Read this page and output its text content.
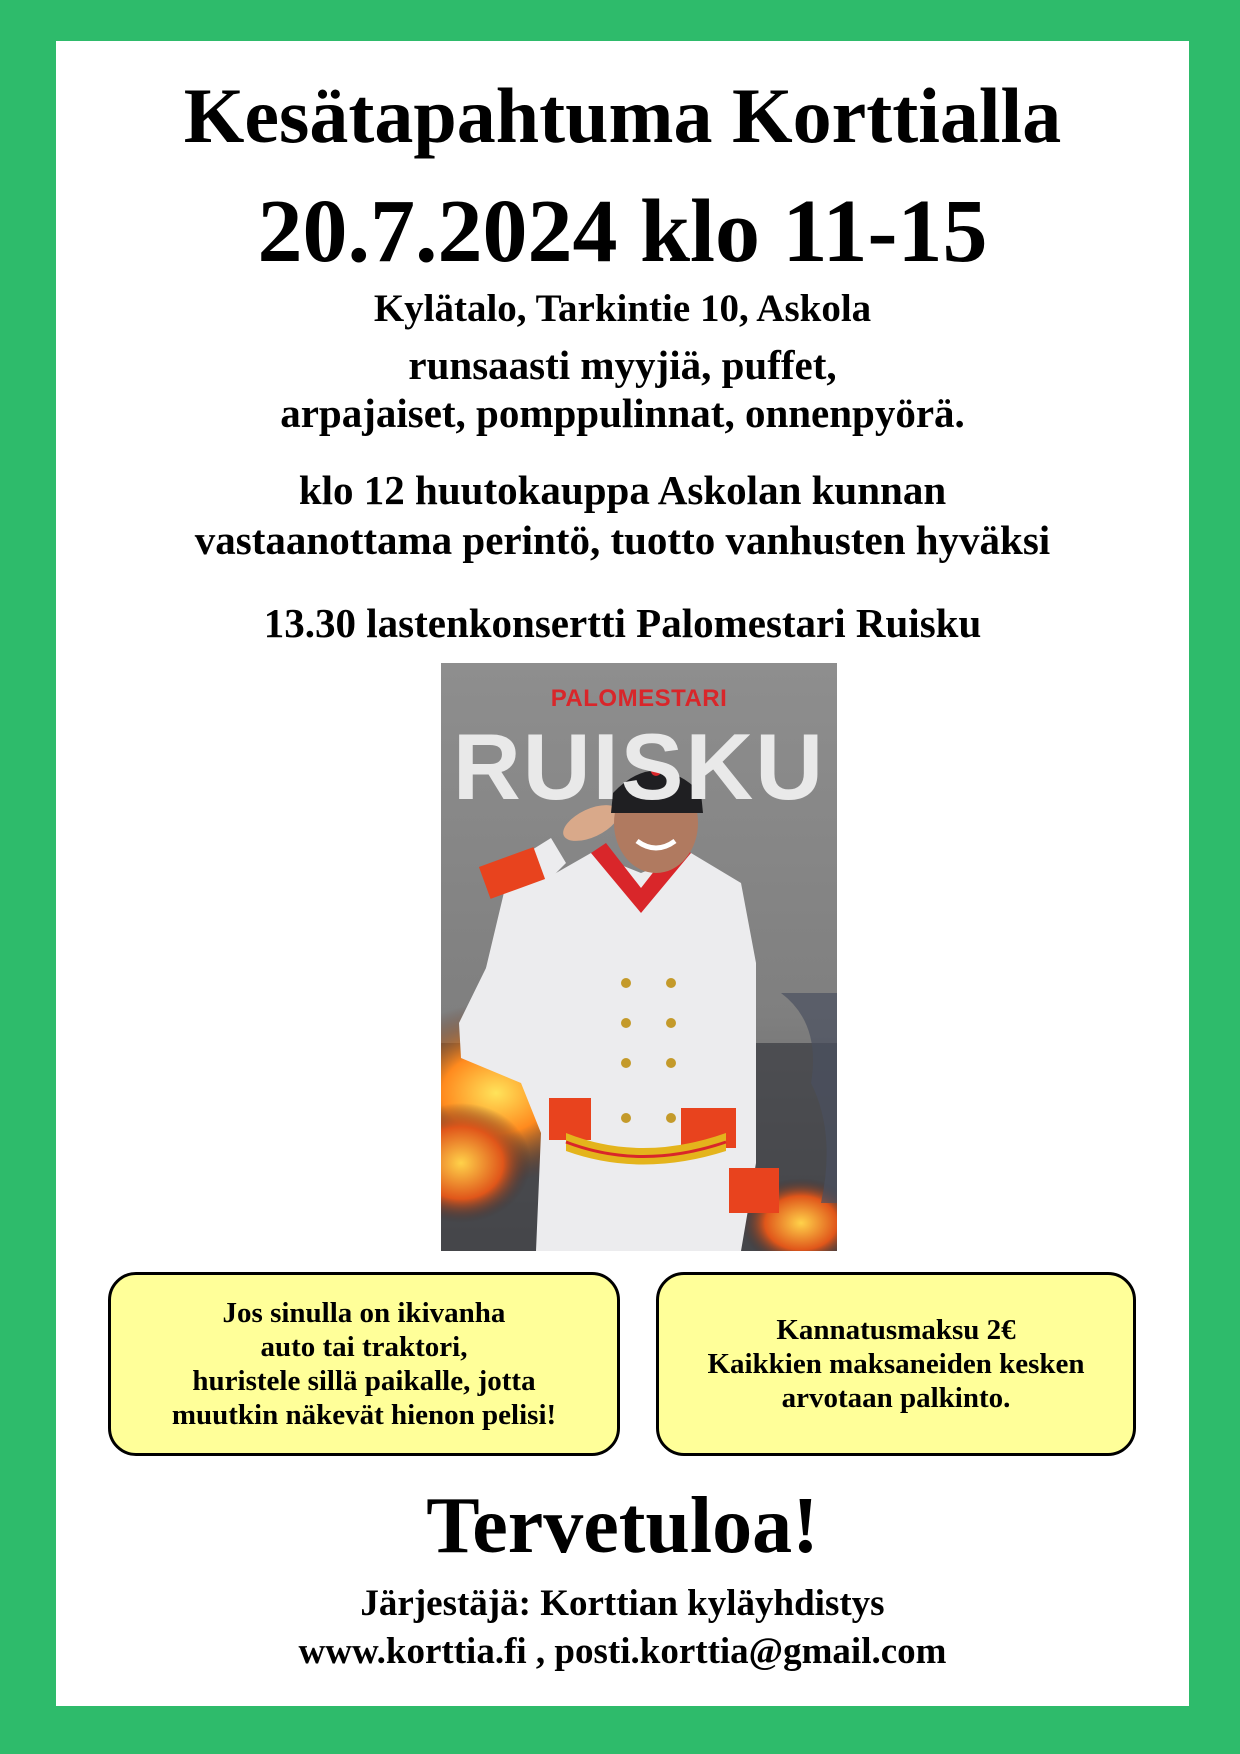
Kesätapahtuma Korttialla
20.7.2024 klo 11-15
Kylätalo, Tarkintie 10, Askola
runsaasti myyjiä, puffet,
arpajaiset, pomppulinnat, onnenpyörä.
klo 12 huutokauppa Askolan kunnan
vastaanottama perintö, tuotto vanhusten hyväksi
13.30 lastenkonsertti Palomestari Ruisku
PALOMESTARI
RUISKU
Jos sinulla on ikivanha
auto tai traktori,
huristele sillä paikalle, jotta
muutkin näkevät hienon pelisi!
Kannatusmaksu 2€
Kaikkien maksaneiden kesken
arvotaan palkinto.
Tervetuloa!
Järjestäjä: Korttian kyläyhdistys
www.korttia.fi , posti.korttia@gmail.com
